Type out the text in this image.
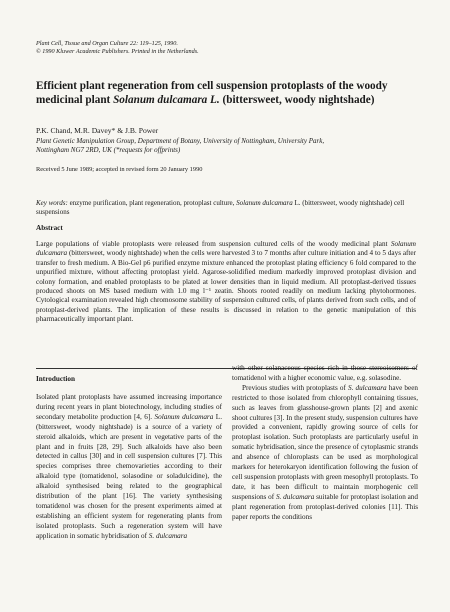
Plant Cell, Tissue and Organ Culture 22: 119–125, 1990.
© 1990 Kluwer Academic Publishers. Printed in the Netherlands.
Efficient plant regeneration from cell suspension protoplasts of the woody medicinal plant Solanum dulcamara L. (bittersweet, woody nightshade)
P.K. Chand, M.R. Davey* & J.B. Power
Plant Genetic Manipulation Group, Department of Botany, University of Nottingham, University Park,
Nottingham NG7 2RD, UK (*requests for offprints)
Received 5 June 1989; accepted in revised form 20 January 1990
Key words: enzyme purification, plant regeneration, protoplast culture, Solanum dulcamara L. (bittersweet, woody nightshade) cell suspensions
Abstract

Large populations of viable protoplasts were released from suspension cultured cells of the woody medicinal plant Solanum dulcamara (bittersweet, woody nightshade) when the cells were harvested 3 to 7 months after culture initiation and 4 to 5 days after transfer to fresh medium. A Bio-Gel p6 purified enzyme mixture enhanced the protoplast plating efficiency 6 fold compared to the unpurified mixture, without affecting protoplast yield. Agarose-solidified medium markedly improved protoplast division and colony formation, and enabled protoplasts to be plated at lower densities than in liquid medium. All protoplast-derived tissues produced shoots on MS based medium with 1.0 mg l⁻¹ zeatin. Shoots rooted readily on medium lacking phytohormones. Cytological examination revealed high chromosome stability of suspension cultured cells, of plants derived from such cells, and of protoplast-derived plants. The implication of these results is discussed in relation to the genetic manipulation of this pharmaceutically important plant.

Introduction

Isolated plant protoplasts have assumed increasing importance during recent years in plant biotechnology, including studies of secondary metabolite production [4, 6]. Solanum dulcamara L. (bittersweet, woody nightshade) is a source of a variety of steroid alkaloids, which are present in vegetative parts of the plant and in fruits [28, 29]. Such alkaloids have also been detected in callus [30] and in cell suspension cultures [7]. This species comprises three chemovarieties according to their alkaloid type (tomatidenol, solasodine or soladulcidine), the alkaloid synthesised being related to the geographical distribution of the plant [16]. The variety synthesising tomatidenol was chosen for the present experiments aimed at establishing an efficient system for regenerating plants from isolated protoplasts. Such a regeneration system will have application in somatic hybridisation of S. dulcamara

with other solanaceous species rich in those stereoisomers of tomatidenol with a higher economic value, e.g. solasodine.
Previous studies with protoplasts of S. dulcamara have been restricted to those isolated from chlorophyll containing tissues, such as leaves from glasshouse-grown plants [2] and axenic shoot cultures [3]. In the present study, suspension cultures have provided a convenient, rapidly growing source of cells for protoplast isolation. Such protoplasts are particularly useful in somatic hybridisation, since the presence of cytoplasmic strands and absence of chloroplasts can be used as morphological markers for heterokaryon identification following the fusion of cell suspension protoplasts with green mesophyll protoplasts. To date, it has been difficult to maintain morphogenic cell suspensions of S. dulcamara suitable for protoplast isolation and plant regeneration from protoplast-derived colonies [11]. This paper reports the conditions
